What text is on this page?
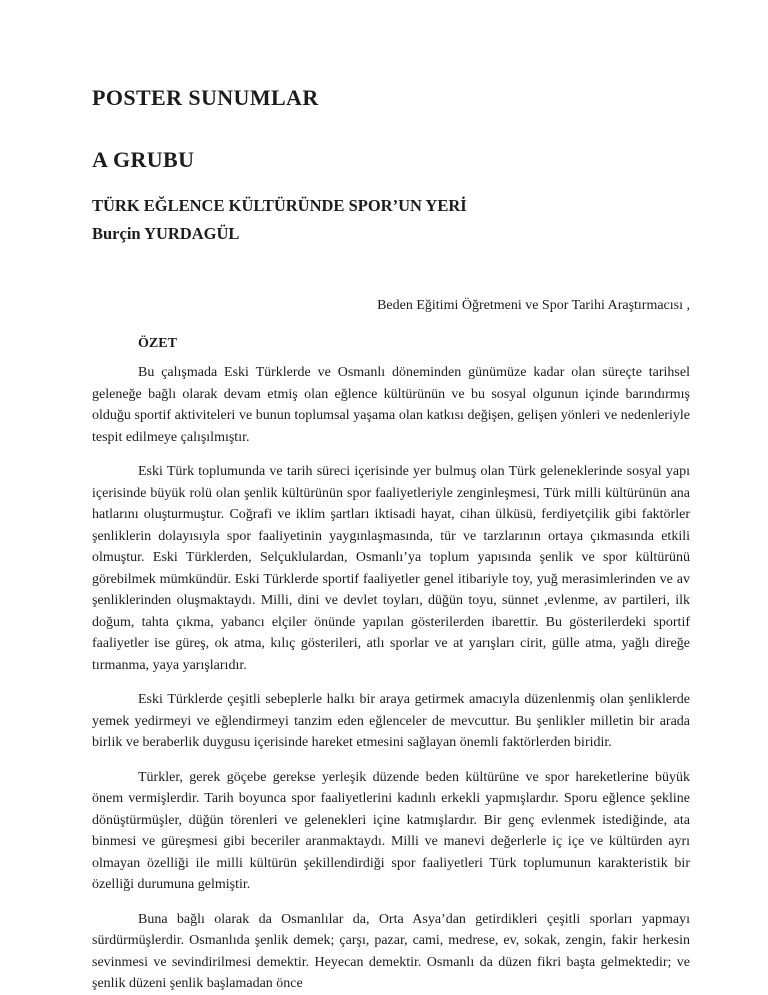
POSTER SUNUMLAR
A GRUBU
TÜRK EĞLENCE KÜLTÜRÜNDE SPOR’UN YERİ
Burçin YURDAGÜL
Beden Eğitimi Öğretmeni ve Spor Tarihi Araştırmacısı ,
ÖZET

Bu çalışmada Eski Türklerde ve Osmanlı döneminden günümüze kadar olan süreçte tarihsel geleneğe bağlı olarak devam etmiş olan eğlence kültürünün ve bu sosyal olgunun içinde barındırmış olduğu sportif aktiviteleri ve bunun toplumsal yaşama olan katkısı değişen, gelişen yönleri ve nedenleriyle tespit edilmeye çalışılmıştır.

Eski Türk toplumunda ve tarih süreci içerisinde yer bulmuş olan Türk geleneklerinde sosyal yapı içerisinde büyük rolü olan şenlik kültürünün spor faaliyetleriyle zenginleşmesi, Türk milli kültürünün ana hatlarını oluşturmuştur. Coğrafi ve iklim şartları iktisadi hayat, cihan ülküsü, ferdiyetçilik gibi faktörler şenliklerin dolayısıyla spor faaliyetinin yaygınlaşmasında, tür ve tarzlarının ortaya çıkmasında etkili olmuştur. Eski Türklerden, Selçuklulardan, Osmanlı’ya toplum yapısında şenlik ve spor kültürünü görebilmek mümkündür. Eski Türklerde sportif faaliyetler genel itibariyle toy, yuğ merasimlerinden ve av şenliklerinden oluşmaktaydı. Milli, dini ve devlet toyları, düğün toyu, sünnet ,evlenme, av partileri, ilk doğum, tahta çıkma, yabancı elçiler önünde yapılan gösterilerden ibarettir. Bu gösterilerdeki sportif faaliyetler ise güreş, ok atma, kılıç gösterileri, atlı sporlar ve at yarışları cirit, gülle atma, yağlı direğe tırmanma, yaya yarışlarıdır.

Eski Türklerde çeşitli sebeplerle halkı bir araya getirmek amacıyla düzenlenmiş olan şenliklerde yemek yedirmeyi ve eğlendirmeyi tanzim eden eğlenceler de mevcuttur. Bu şenlikler milletin bir arada birlik ve beraberlik duygusu içerisinde hareket etmesini sağlayan önemli faktörlerden biridir.

Türkler, gerek göçebe gerekse yerleşik düzende beden kültürüne ve spor hareketlerine büyük önem vermişlerdir. Tarih boyunca spor faaliyetlerini kadınlı erkekli yapmışlardır. Sporu eğlence şekline dönüştürmüşler, düğün törenleri ve gelenekleri içine katmışlardır. Bir genç evlenmek istediğinde, ata binmesi ve güreşmesi gibi beceriler aranmaktaydı. Milli ve manevi değerlerle iç içe ve kültürden ayrı olmayan özelliği ile milli kültürün şekillendirdiği spor faaliyetleri Türk toplumunun karakteristik bir özelliği durumuna gelmiştir.

Buna bağlı olarak da Osmanlılar da, Orta Asya’dan getirdikleri çeşitli sporları yapmayı sürdürmüşlerdir. Osmanlıda şenlik demek; çarşı, pazar, cami, medrese, ev, sokak, zengin, fakir herkesin sevinmesi ve sevindirilmesi demektir. Heyecan demektir. Osmanlı da düzen fikri başta gelmektedir; ve şenlik düzeni şenlik başlamadan önce
